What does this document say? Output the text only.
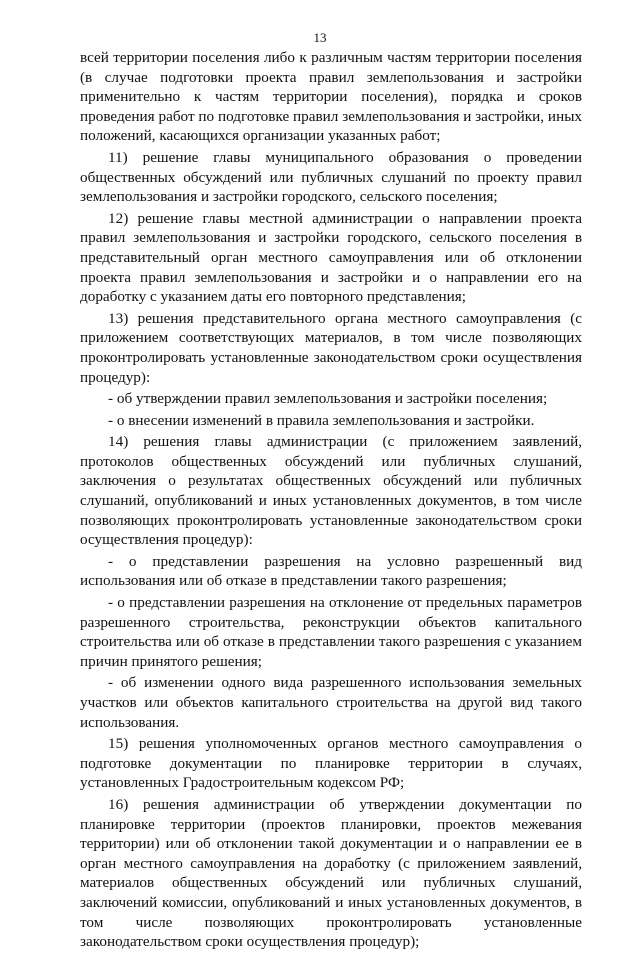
13

всей территории поселения либо к различным частям территории поселения (в случае подготовки проекта правил землепользования и застройки применительно к частям территории поселения), порядка и сроков проведения работ по подготовке правил землепользования и застройки, иных положений, касающихся организации указанных работ;

11) решение главы муниципального образования о проведении общественных обсуждений или публичных слушаний по проекту правил землепользования и застройки городского, сельского поселения;

12) решение главы местной администрации о направлении проекта правил землепользования и застройки городского, сельского поселения в представительный орган местного самоуправления или об отклонении проекта правил землепользования и застройки и о направлении его на доработку с указанием даты его повторного представления;

13) решения представительного органа местного самоуправления (с приложением соответствующих материалов, в том числе позволяющих проконтролировать установленные законодательством сроки осуществления процедур):

- об утверждении правил землепользования и застройки поселения;

- о внесении изменений в правила землепользования и застройки.

14) решения главы администрации (с приложением заявлений, протоколов общественных обсуждений или публичных слушаний, заключения о результатах общественных обсуждений или публичных слушаний, опубликований и иных установленных документов, в том числе позволяющих проконтролировать установленные законодательством сроки осуществления процедур):

- о представлении разрешения на условно разрешенный вид использования или об отказе в представлении такого разрешения;

- о представлении разрешения на отклонение от предельных параметров разрешенного строительства, реконструкции объектов капитального строительства или об отказе в представлении такого разрешения с указанием причин принятого решения;

- об изменении одного вида разрешенного использования земельных участков или объектов капитального строительства на другой вид такого использования.

15) решения уполномоченных органов местного самоуправления о подготовке документации по планировке территории в случаях, установленных Градостроительным кодексом РФ;

16) решения администрации об утверждении документации по планировке территории (проектов планировки, проектов межевания территории) или об отклонении такой документации и о направлении ее в орган местного самоуправления на доработку (с приложением заявлений, материалов общественных обсуждений или публичных слушаний, заключений комиссии, опубликований и иных установленных документов, в том числе позволяющих проконтролировать установленные законодательством сроки осуществления процедур);
